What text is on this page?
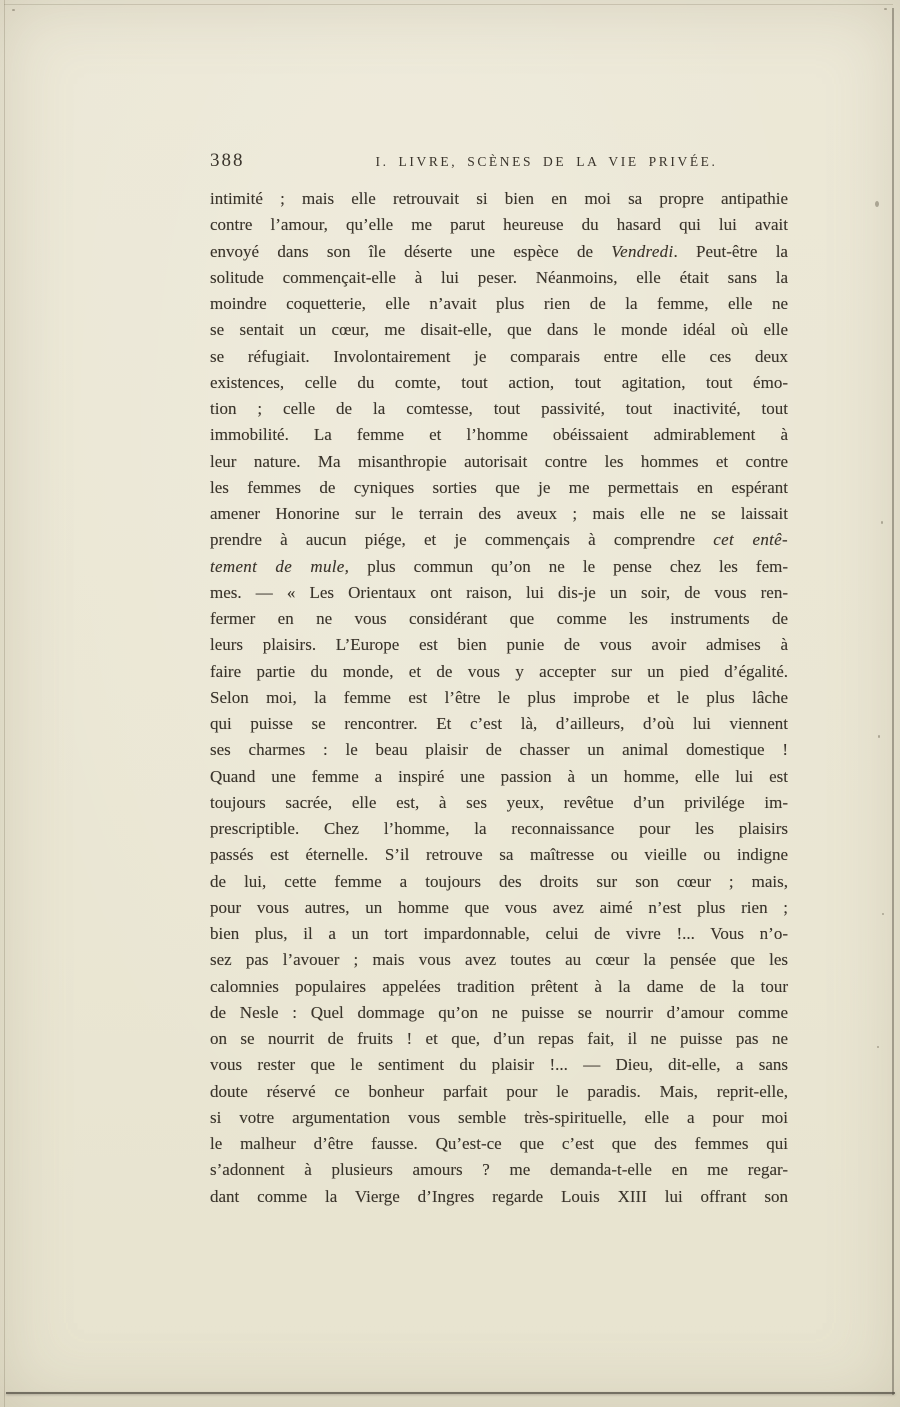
388	I. LIVRE, SCÈNES DE LA VIE PRIVÉE.
intimité ; mais elle retrouvait si bien en moi sa propre antipathie
contre l’amour, qu’elle me parut heureuse du hasard qui lui avait
envoyé dans son île déserte une espèce de Vendredi. Peut-être la
solitude commençait-elle à lui peser. Néanmoins, elle était sans la
moindre coquetterie, elle n’avait plus rien de la femme, elle ne
se sentait un cœur, me disait-elle, que dans le monde idéal où elle
se réfugiait. Involontairement je comparais entre elle ces deux
existences, celle du comte, tout action, tout agitation, tout émo-
tion ; celle de la comtesse, tout passivité, tout inactivité, tout
immobilité. La femme et l’homme obéissaient admirablement à
leur nature. Ma misanthropie autorisait contre les hommes et contre
les femmes de cyniques sorties que je me permettais en espérant
amener Honorine sur le terrain des aveux ; mais elle ne se laissait
prendre à aucun piége, et je commençais à comprendre cet entê-
tement de mule, plus commun qu’on ne le pense chez les fem-
mes. — « Les Orientaux ont raison, lui dis-je un soir, de vous ren-
fermer en ne vous considérant que comme les instruments de
leurs plaisirs. L’Europe est bien punie de vous avoir admises à
faire partie du monde, et de vous y accepter sur un pied d’égalité.
Selon moi, la femme est l’être le plus improbe et le plus lâche
qui puisse se rencontrer. Et c’est là, d’ailleurs, d’où lui viennent
ses charmes : le beau plaisir de chasser un animal domestique !
Quand une femme a inspiré une passion à un homme, elle lui est
toujours sacrée, elle est, à ses yeux, revêtue d’un privilége im-
prescriptible. Chez l’homme, la reconnaissance pour les plaisirs
passés est éternelle. S’il retrouve sa maîtresse ou vieille ou indigne
de lui, cette femme a toujours des droits sur son cœur ; mais,
pour vous autres, un homme que vous avez aimé n’est plus rien ;
bien plus, il a un tort impardonnable, celui de vivre !... Vous n’o-
sez pas l’avouer ; mais vous avez toutes au cœur la pensée que les
calomnies populaires appelées tradition prêtent à la dame de la tour
de Nesle : Quel dommage qu’on ne puisse se nourrir d’amour comme
on se nourrit de fruits ! et que, d’un repas fait, il ne puisse pas ne
vous rester que le sentiment du plaisir !... — Dieu, dit-elle, a sans
doute réservé ce bonheur parfait pour le paradis. Mais, reprit-elle,
si votre argumentation vous semble très-spirituelle, elle a pour moi
le malheur d’être fausse. Qu’est-ce que c’est que des femmes qui
s’adonnent à plusieurs amours ? me demanda-t-elle en me regar-
dant comme la Vierge d’Ingres regarde Louis XIII lui offrant son
